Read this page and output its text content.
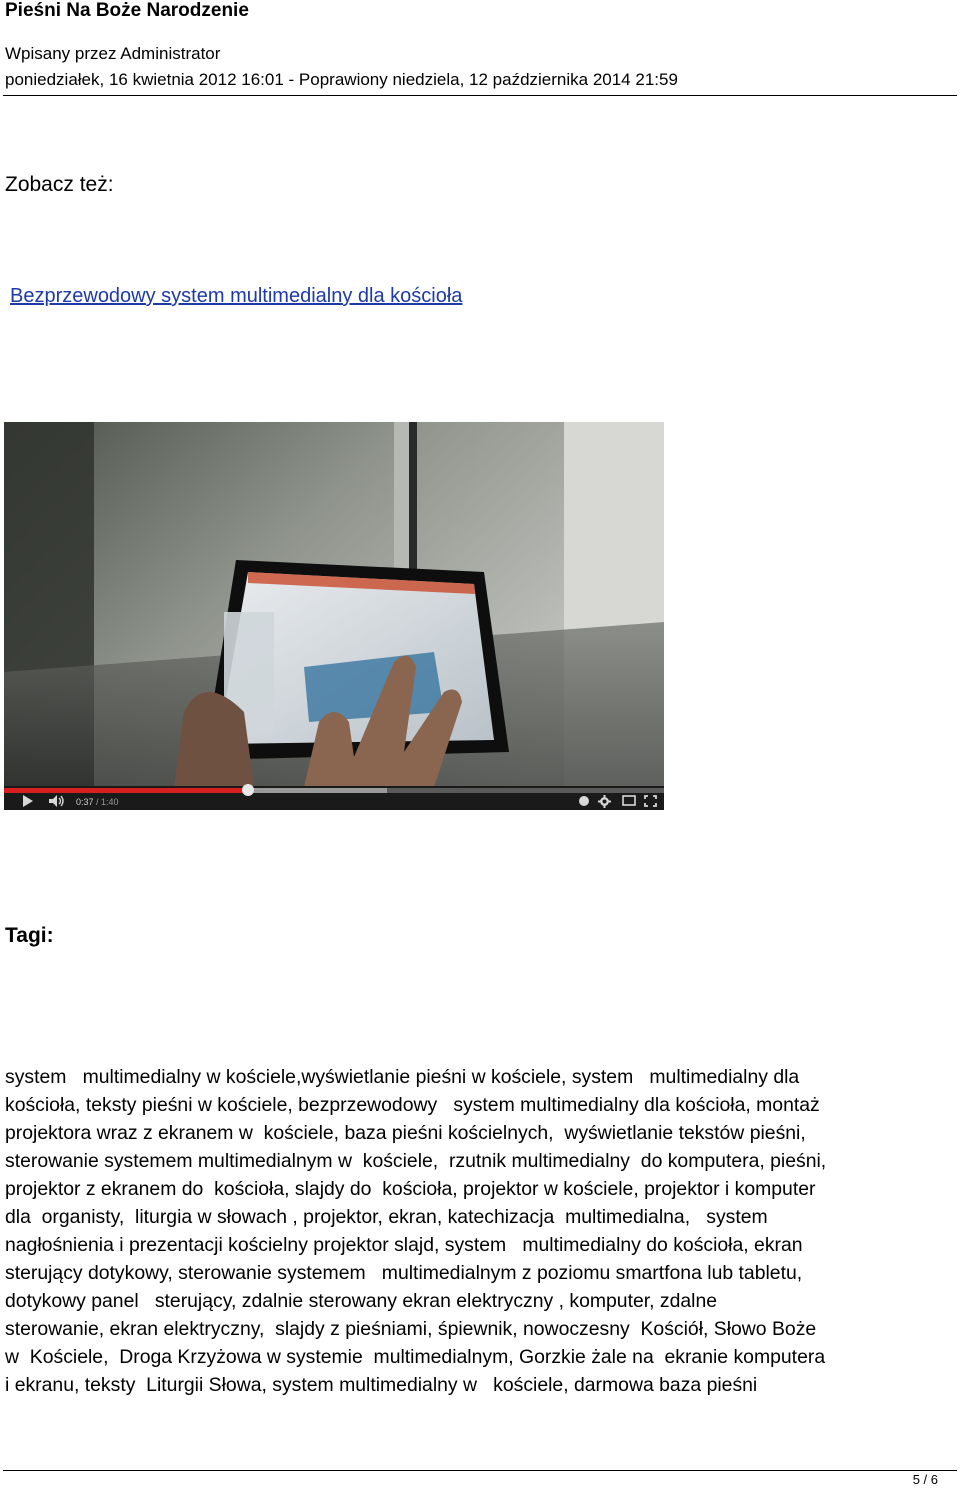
Pieśni Na Boże Narodzenie
Wpisany przez Administrator
poniedziałek, 16 kwietnia 2012 16:01 - Poprawiony niedziela, 12 października 2014 21:59
Zobacz też:
Bezprzewodowy system multimedialny dla kościoła
0:37 / 1:40
Tagi:
system   multimedialny w kościele,wyświetlanie pieśni w kościele, system   multimedialny dla
kościoła, teksty pieśni w kościele, bezprzewodowy   system multimedialny dla kościoła, montaż
projektora wraz z ekranem w  kościele, baza pieśni kościelnych,  wyświetlanie tekstów pieśni,
sterowanie systemem multimedialnym w  kościele,  rzutnik multimedialny  do komputera, pieśni,
projektor z ekranem do  kościoła, slajdy do  kościoła, projektor w kościele, projektor i komputer
dla  organisty,  liturgia w słowach , projektor, ekran, katechizacja  multimedialna,   system
nagłośnienia i prezentacji kościelny projektor slajd, system   multimedialny do kościoła, ekran
sterujący dotykowy, sterowanie systemem   multimedialnym z poziomu smartfona lub tabletu,
dotykowy panel   sterujący, zdalnie sterowany ekran elektryczny , komputer, zdalne
sterowanie, ekran elektryczny,  slajdy z pieśniami, śpiewnik, nowoczesny  Kościół, Słowo Boże
w  Kościele,  Droga Krzyżowa w systemie  multimedialnym, Gorzkie żale na  ekranie komputera
i ekranu, teksty  Liturgii Słowa, system multimedialny w   kościele, darmowa baza pieśni
5 / 6
